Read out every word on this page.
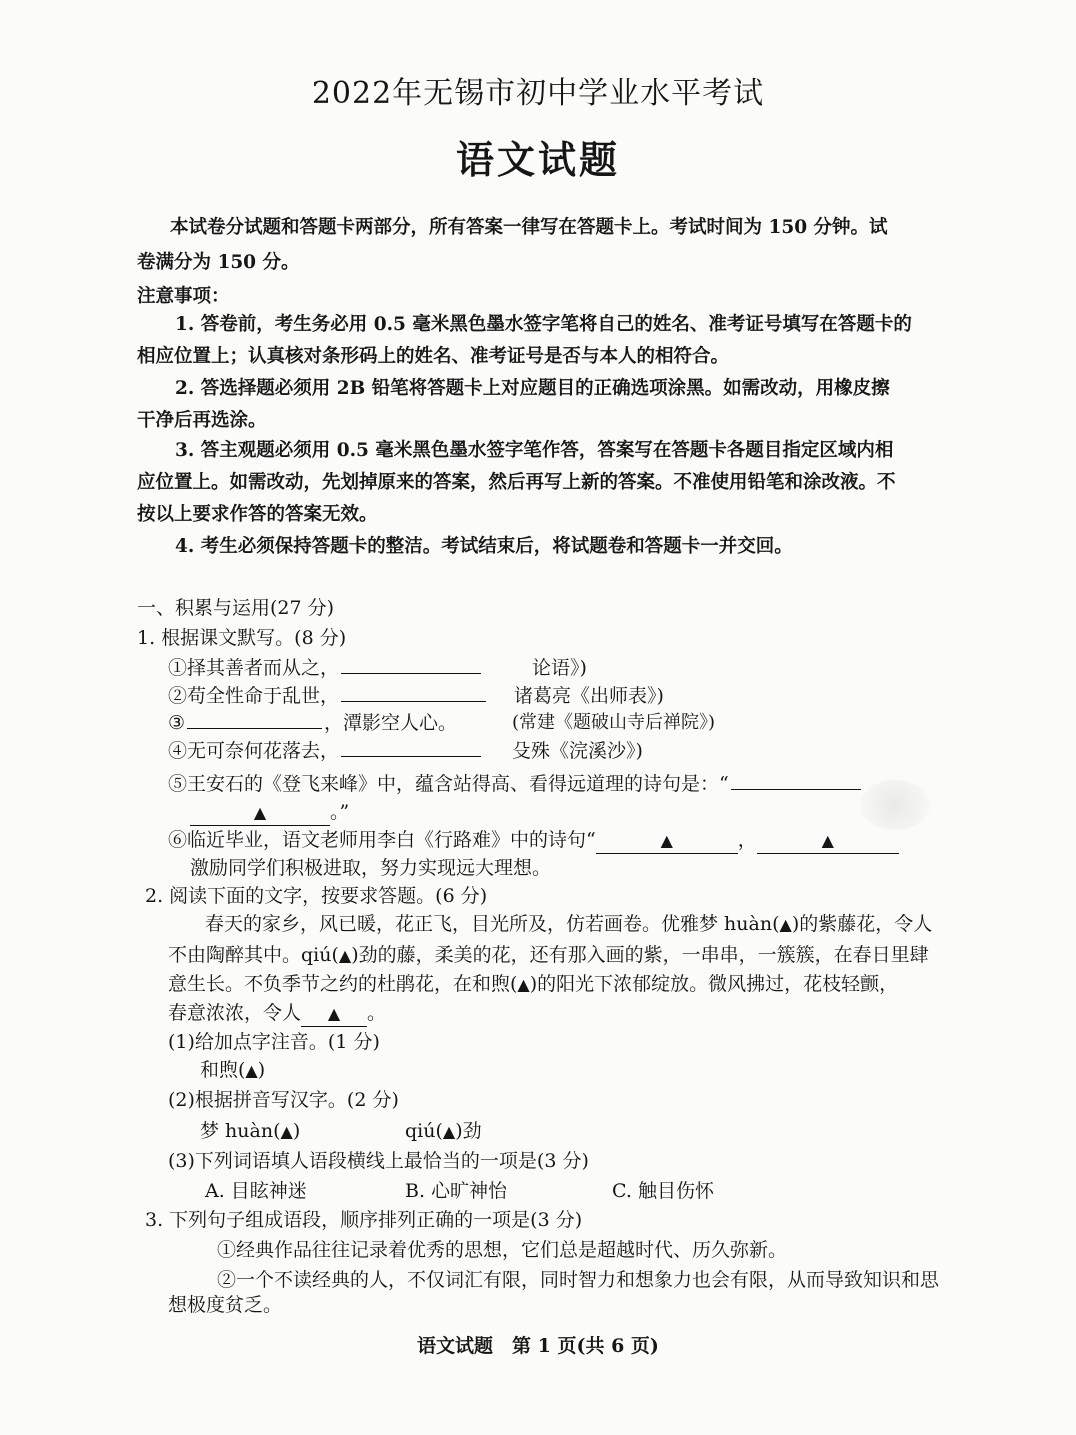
2022年无锡市初中学业水平考试
语文试题
本试卷分试题和答题卡两部分，所有答案一律写在答题卡上。考试时间为 150 分钟。试
卷满分为 150 分。
注意事项：
1. 答卷前，考生务必用 0.5 毫米黑色墨水签字笔将自己的姓名、准考证号填写在答题卡的
相应位置上；认真核对条形码上的姓名、准考证号是否与本人的相符合。
2. 答选择题必须用 2B 铅笔将答题卡上对应题目的正确选项涂黑。如需改动，用橡皮擦
干净后再选涂。
3. 答主观题必须用 0.5 毫米黑色墨水签字笔作答，答案写在答题卡各题目指定区域内相
应位置上。如需改动，先划掉原来的答案，然后再写上新的答案。不准使用铅笔和涂改液。不
按以上要求作答的答案无效。
4. 考生必须保持答题卡的整洁。考试结束后，将试题卷和答题卡一并交回。
一、积累与运用(27 分)
1. 根据课文默写。(8 分)
①择其善者而从之，	论语》)
②苟全性命于乱世，	诸葛亮《出师表》)
③	，潭影空人心。	(常建《题破山寺后禅院》)
④无可奈何花落去，	殳殊《浣溪沙》)
⑤王安石的《登飞来峰》中，蕴含站得高、看得远道理的诗句是：“
▲	。”
⑥临近毕业，语文老师用李白《行路难》中的诗句“	▲	，	▲
激励同学们积极进取，努力实现远大理想。
2. 阅读下面的文字，按要求答题。(6 分)
春天的家乡，风已暖，花正飞，目光所及，仿若画卷。优雅梦 huàn(▲)的紫藤花，令人
不由陶醉其中。qiú(▲)劲的藤，柔美的花，还有那入画的紫，一串串，一簇簇，在春日里肆
意生长。不负季节之约的杜鹃花，在和煦(▲)的阳光下浓郁绽放。微风拂过，花枝轻颤，
春意浓浓，令人 ▲ 。
(1)给加点字注音。(1 分)
和煦(▲)
(2)根据拼音写汉字。(2 分)
梦 huàn(▲)	qiú(▲)劲
(3)下列词语填人语段横线上最恰当的一项是(3 分)
A. 目眩神迷	B. 心旷神怡	C. 触目伤怀
3. 下列句子组成语段，顺序排列正确的一项是(3 分)
①经典作品往往记录着优秀的思想，它们总是超越时代、历久弥新。
②一个不读经典的人，不仅词汇有限，同时智力和想象力也会有限，从而导致知识和思
想极度贫乏。
语文试题　第 1 页(共 6 页)
